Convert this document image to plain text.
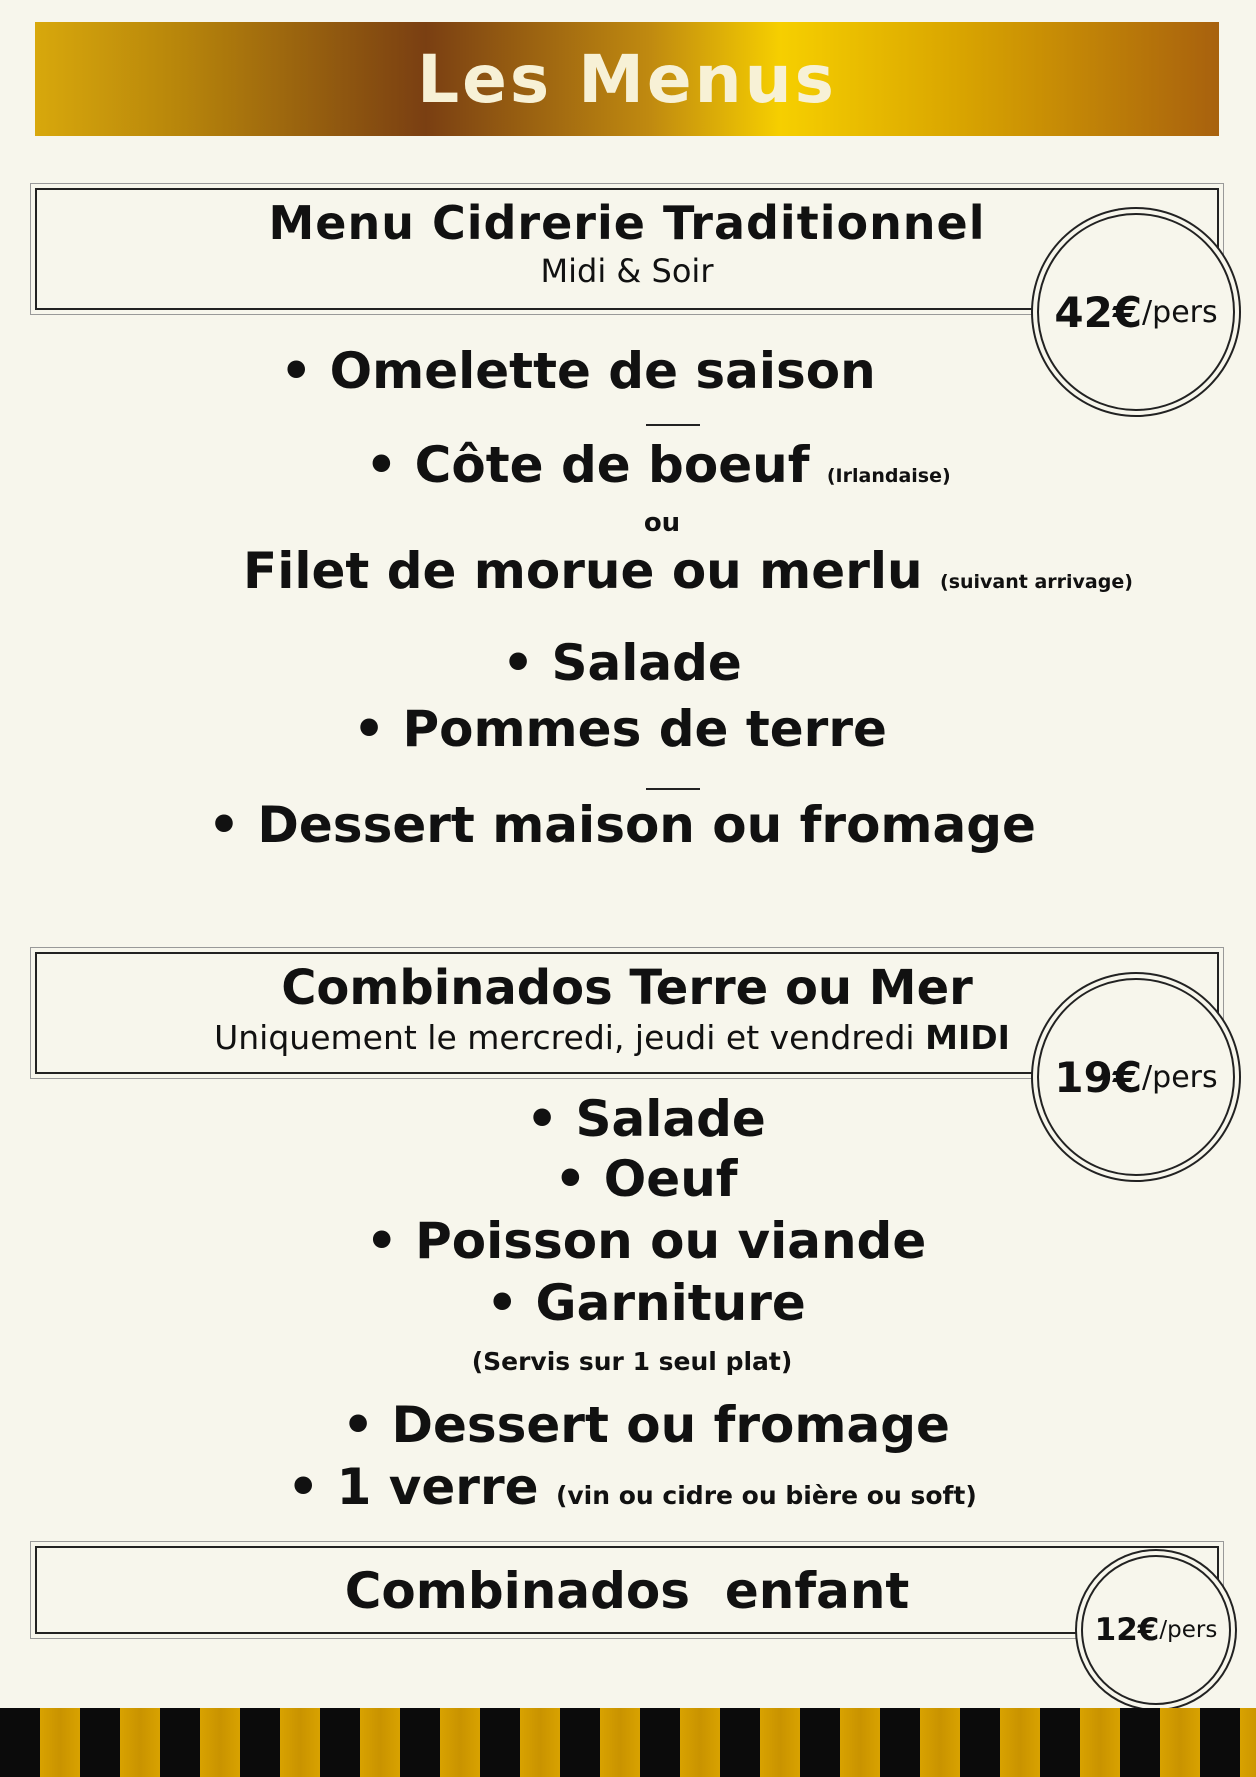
Les Menus
Menu Cidrerie Traditionnel
Midi & Soir
42€ /pers
• Omelette de saison
• Côte de boeuf (Irlandaise)
ou
Filet de morue ou merlu (suivant arrivage)
• Salade
• Pommes de terre
• Dessert maison ou fromage
Combinados Terre ou Mer
Uniquement le mercredi, jeudi et vendredi MIDI
19€ /pers
• Salade
• Oeuf
• Poisson ou viande
• Garniture
(Servis sur 1 seul plat)
• Dessert ou fromage
• 1 verre (vin ou cidre ou bière ou soft)
Combinados  enfant
12€ /pers
